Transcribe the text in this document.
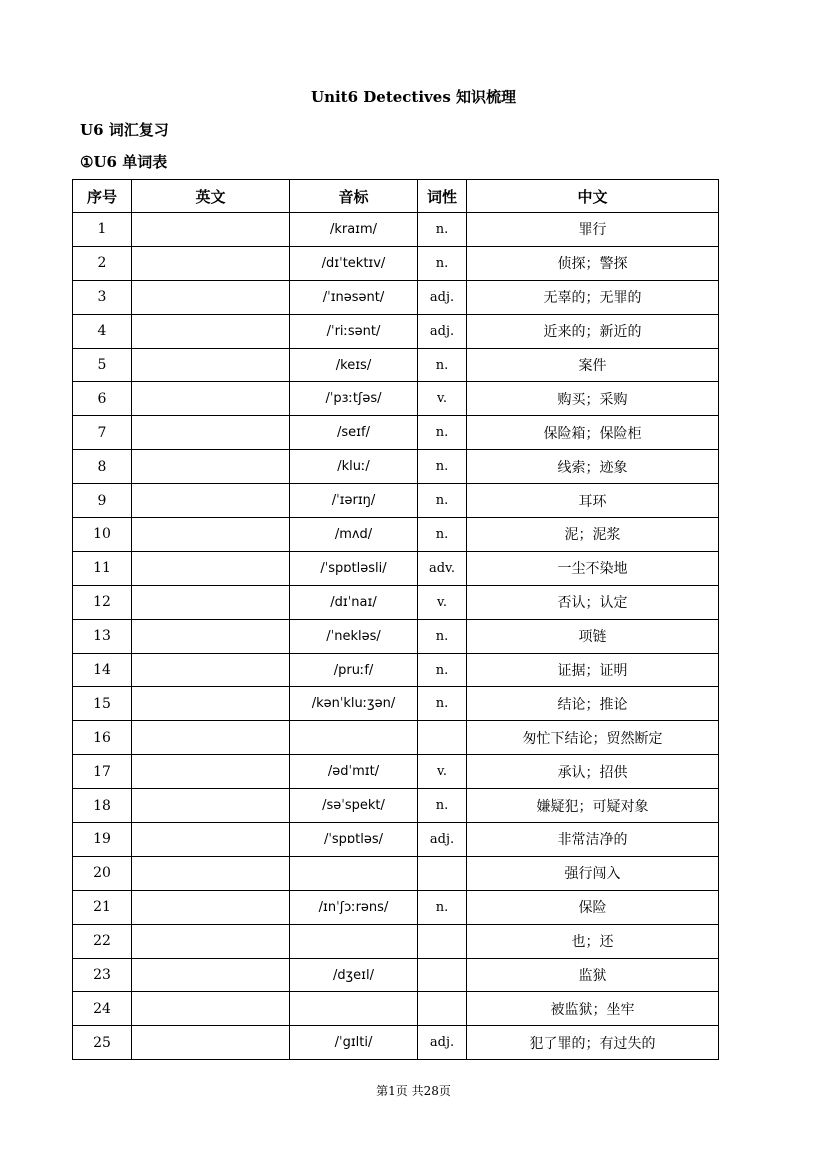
Unit6 Detectives 知识梳理
U6 词汇复习
①U6 单词表
序号	英文	音标	词性	中文
1		/kraɪm/	n.	罪行
2		/dɪˈtektɪv/	n.	侦探；警探
3		/ˈɪnəsənt/	adj.	无辜的；无罪的
4		/ˈriːsənt/	adj.	近来的；新近的
5		/keɪs/	n.	案件
6		/ˈpɜːtʃəs/	v.	购买；采购
7		/seɪf/	n.	保险箱；保险柜
8		/kluː/	n.	线索；迹象
9		/ˈɪərɪŋ/	n.	耳环
10		/mʌd/	n.	泥；泥浆
11		/ˈspɒtləsli/	adv.	一尘不染地
12		/dɪˈnaɪ/	v.	否认；认定
13		/ˈnekləs/	n.	项链
14		/pruːf/	n.	证据；证明
15		/kənˈkluːʒən/	n.	结论；推论
16				匆忙下结论；贸然断定
17		/ədˈmɪt/	v.	承认；招供
18		/səˈspekt/	n.	嫌疑犯；可疑对象
19		/ˈspɒtləs/	adj.	非常洁净的
20				强行闯入
21		/ɪnˈʃɔːrəns/	n.	保险
22				也；还
23		/dʒeɪl/		监狱
24				被监狱；坐牢
25		/ˈgɪlti/	adj.	犯了罪的；有过失的
第1页 共28页
